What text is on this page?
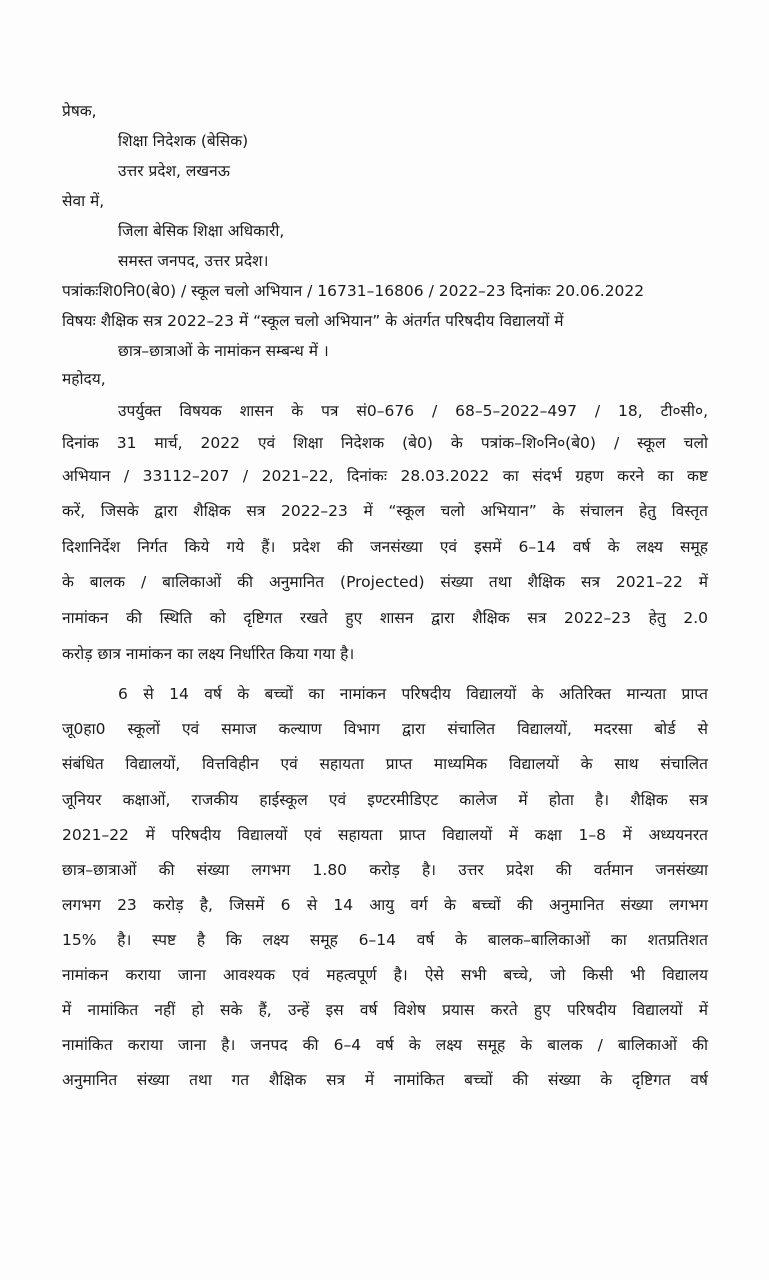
प्रेषक,
शिक्षा निदेशक (बेसिक)
उत्तर प्रदेश, लखनऊ
सेवा में,
जिला बेसिक शिक्षा अधिकारी,
समस्त जनपद, उत्तर प्रदेश।
पत्रांकःशि0नि0(बे0) / स्कूल चलो अभियान / 16731–16806 / 2022–23 दिनांकः 20.06.2022
विषयः शैक्षिक सत्र 2022–23 में “स्कूल चलो अभियान” के अंतर्गत परिषदीय विद्यालयों में
छात्र–छात्राओं के नामांकन सम्बन्ध में ।
महोदय,
उपर्युक्त विषयक शासन के पत्र सं0–676 / 68–5–2022–497 / 18, टी०सी०,
दिनांक 31 मार्च, 2022 एवं शिक्षा निदेशक (बे0) के पत्रांक–शि०नि०(बे0) / स्कूल चलो
अभियान / 33112–207 / 2021–22, दिनांकः 28.03.2022 का संदर्भ ग्रहण करने का कष्ट
करें, जिसके द्वारा शैक्षिक सत्र 2022–23 में “स्कूल चलो अभियान” के संचालन हेतु विस्तृत
दिशानिर्देश निर्गत किये गये हैं। प्रदेश की जनसंख्या एवं इसमें 6–14 वर्ष के लक्ष्य समूह
के बालक / बालिकाओं की अनुमानित (Projected) संख्या तथा शैक्षिक सत्र 2021–22 में
नामांकन की स्थिति को दृष्टिगत रखते हुए शासन द्वारा शैक्षिक सत्र 2022–23 हेतु 2.0
करोड़ छात्र नामांकन का लक्ष्य निर्धारित किया गया है।
6 से 14 वर्ष के बच्चों का नामांकन परिषदीय विद्यालयों के अतिरिक्त मान्यता प्राप्त
जू0हा0 स्कूलों एवं समाज कल्याण विभाग द्वारा संचालित विद्यालयों, मदरसा बोर्ड से
संबंधित विद्यालयों, वित्तविहीन एवं सहायता प्राप्त माध्यमिक विद्यालयों के साथ संचालित
जूनियर कक्षाओं, राजकीय हाईस्कूल एवं इण्टरमीडिएट कालेज में होता है। शैक्षिक सत्र
2021–22 में परिषदीय विद्यालयों एवं सहायता प्राप्त विद्यालयों में कक्षा 1–8 में अध्ययनरत
छात्र–छात्राओं की संख्या लगभग 1.80 करोड़ है। उत्तर प्रदेश की वर्तमान जनसंख्या
लगभग 23 करोड़ है, जिसमें 6 से 14 आयु वर्ग के बच्चों की अनुमानित संख्या लगभग
15% है। स्पष्ट है कि लक्ष्य समूह 6–14 वर्ष के बालक–बालिकाओं का शतप्रतिशत
नामांकन कराया जाना आवश्यक एवं महत्वपूर्ण है। ऐसे सभी बच्चे, जो किसी भी विद्यालय
में नामांकित नहीं हो सके हैं, उन्हें इस वर्ष विशेष प्रयास करते हुए परिषदीय विद्यालयों में
नामांकित कराया जाना है। जनपद की 6–4 वर्ष के लक्ष्य समूह के बालक / बालिकाओं की
अनुमानित संख्या तथा गत शैक्षिक सत्र में नामांकित बच्चों की संख्या के दृष्टिगत वर्ष
